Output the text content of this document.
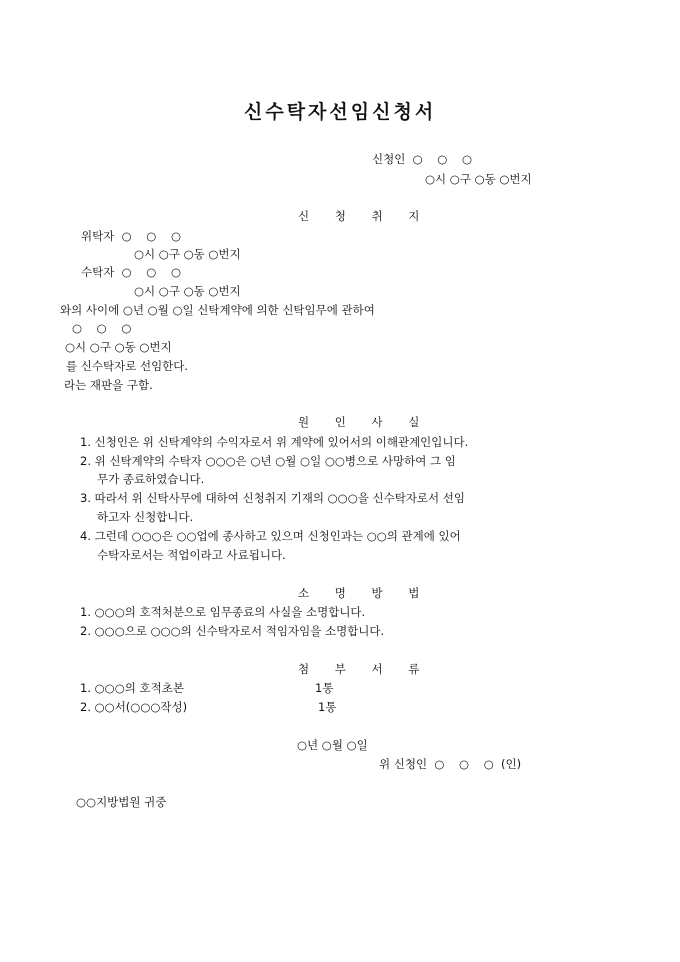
신수탁자선임신청서
신청인  ○    ○    ○
○시 ○구 ○동 ○번지
신 청 취 지
위탁자  ○    ○    ○
○시 ○구 ○동 ○번지
수탁자  ○    ○    ○
○시 ○구 ○동 ○번지
와의 사이에 ○년 ○월 ○일 신탁계약에 의한 신탁임무에 관하여
○    ○    ○
○시 ○구 ○동 ○번지
를 신수탁자로 선임한다.
라는 재판을 구함.
원 인 사 실
1. 신청인은 위 신탁계약의 수익자로서 위 계약에 있어서의 이해관계인입니다.
2. 위 신탁계약의 수탁자 ○○○은 ○년 ○월 ○일 ○○병으로 사망하여 그 임
무가 종료하였습니다.
3. 따라서 위 신탁사무에 대하여 신청취지 기재의 ○○○을 신수탁자로서 선임
하고자 신청합니다.
4. 그런데 ○○○은 ○○업에 종사하고 있으며 신청인과는 ○○의 관계에 있어
수탁자로서는 적업이라고 사료됩니다.
소 명 방 법
1. ○○○의 호적처분으로 임무종료의 사실을 소명합니다.
2. ○○○으로 ○○○의 신수탁자로서 적임자임을 소명합니다.
첨 부 서 류
1. ○○○의 호적초본	1통
2. ○○서(○○○작성)	1통
○년 ○월 ○일
위 신청인  ○    ○    ○  (인)
○○지방법원 귀중
